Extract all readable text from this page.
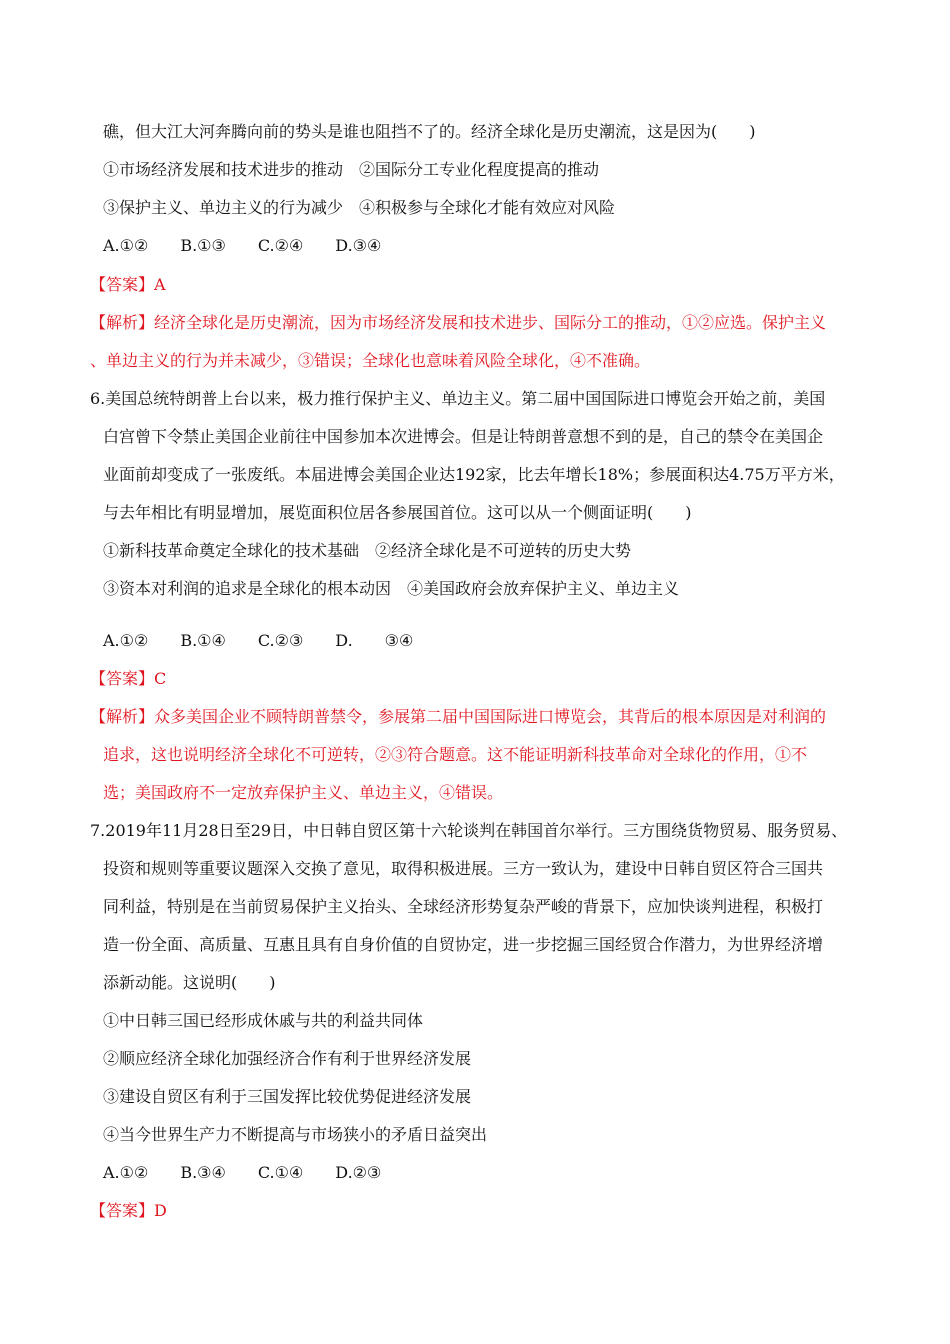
礁，但大江大河奔腾向前的势头是谁也阻挡不了的。经济全球化是历史潮流，这是因为(　　)
①市场经济发展和技术进步的推动　②国际分工专业化程度提高的推动
③保护主义、单边主义的行为减少　④积极参与全球化才能有效应对风险
A.①②　　B.①③　　C.②④　　D.③④
【答案】A
【解析】经济全球化是历史潮流，因为市场经济发展和技术进步、国际分工的推动，①②应选。保护主义
、单边主义的行为并未减少，③错误；全球化也意味着风险全球化，④不准确。
6.美国总统特朗普上台以来，极力推行保护主义、单边主义。第二届中国国际进口博览会开始之前，美国
白宫曾下令禁止美国企业前往中国参加本次进博会。但是让特朗普意想不到的是，自己的禁令在美国企
业面前却变成了一张废纸。本届进博会美国企业达192家，比去年增长18%；参展面积达4.75万平方米，
与去年相比有明显增加，展览面积位居各参展国首位。这可以从一个侧面证明(　　)
①新科技革命奠定全球化的技术基础　②经济全球化是不可逆转的历史大势
③资本对利润的追求是全球化的根本动因　④美国政府会放弃保护主义、单边主义
A.①②　　B.①④　　C.②③　　D.　　③④
【答案】C
【解析】众多美国企业不顾特朗普禁令，参展第二届中国国际进口博览会，其背后的根本原因是对利润的
追求，这也说明经济全球化不可逆转，②③符合题意。这不能证明新科技革命对全球化的作用，①不
选；美国政府不一定放弃保护主义、单边主义，④错误。
7.2019年11月28日至29日，中日韩自贸区第十六轮谈判在韩国首尔举行。三方围绕货物贸易、服务贸易、
投资和规则等重要议题深入交换了意见，取得积极进展。三方一致认为，建设中日韩自贸区符合三国共
同利益，特别是在当前贸易保护主义抬头、全球经济形势复杂严峻的背景下，应加快谈判进程，积极打
造一份全面、高质量、互惠且具有自身价值的自贸协定，进一步挖掘三国经贸合作潜力，为世界经济增
添新动能。这说明(　　)
①中日韩三国已经形成休戚与共的利益共同体
②顺应经济全球化加强经济合作有利于世界经济发展
③建设自贸区有利于三国发挥比较优势促进经济发展
④当今世界生产力不断提高与市场狭小的矛盾日益突出
A.①②　　B.③④　　C.①④　　D.②③
【答案】D
